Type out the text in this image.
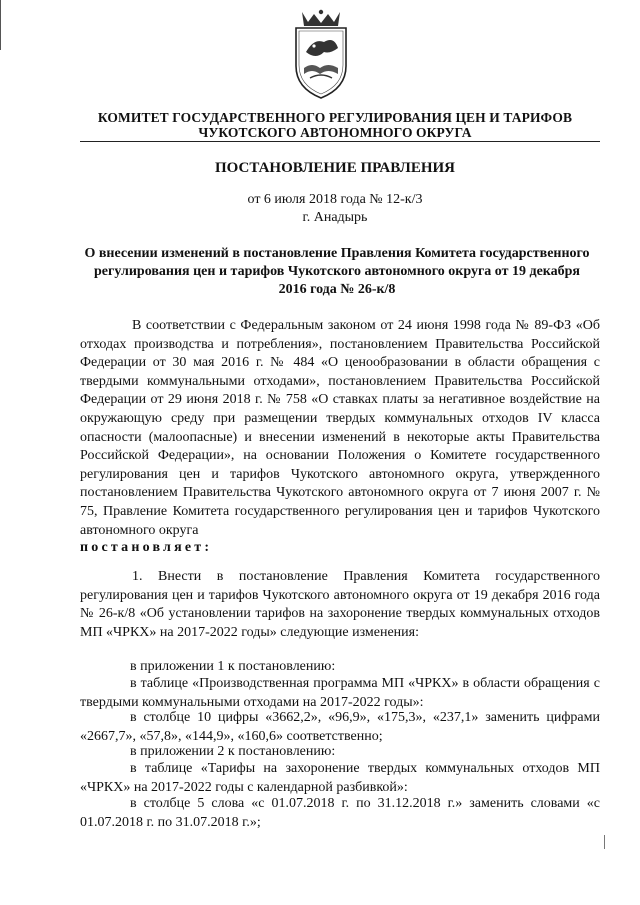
КОМИТЕТ ГОСУДАРСТВЕННОГО РЕГУЛИРОВАНИЯ ЦЕН И ТАРИФОВ
ЧУКОТСКОГО АВТОНОМНОГО ОКРУГА
ПОСТАНОВЛЕНИЕ ПРАВЛЕНИЯ
от 6 июля 2018 года № 12-к/3
г. Анадырь
О внесении изменений в постановление Правления Комитета государственного регулирования цен и тарифов Чукотского автономного округа от 19 декабря 2016 года № 26-к/8
В соответствии с Федеральным законом от 24 июня 1998 года № 89-ФЗ «Об отходах производства и потребления», постановлением Правительства Российской Федерации от 30 мая 2016 г. № 484 «О ценообразовании в области обращения с твердыми коммунальными отходами», постановлением Правительства Российской Федерации от 29 июня 2018 г. № 758 «О ставках платы за негативное воздействие на окружающую среду при размещении твердых коммунальных отходов IV класса опасности (малоопасные) и внесении изменений в некоторые акты Правительства Российской Федерации», на основании Положения о Комитете государственного регулирования цен и тарифов Чукотского автономного округа, утвержденного постановлением Правительства Чукотского автономного округа от 7 июня 2007 г. № 75, Правление Комитета государственного регулирования цен и тарифов Чукотского автономного округа
постановляет:
1. Внести в постановление Правления Комитета государственного регулирования цен и тарифов Чукотского автономного округа от 19 декабря 2016 года № 26-к/8 «Об установлении тарифов на захоронение твердых коммунальных отходов МП «ЧРКХ» на 2017-2022 годы» следующие изменения:
в приложении 1 к постановлению:
в таблице «Производственная программа МП «ЧРКХ» в области обращения с твердыми коммунальными отходами на 2017-2022 годы»:
в столбце 10 цифры «3662,2», «96,9», «175,3», «237,1» заменить цифрами «2667,7», «57,8», «144,9», «160,6» соответственно;
в приложении 2 к постановлению:
в таблице «Тарифы на захоронение твердых коммунальных отходов МП «ЧРКХ» на 2017-2022 годы с календарной разбивкой»:
в столбце 5 слова «с 01.07.2018 г. по 31.12.2018 г.» заменить словами «с 01.07.2018 г. по 31.07.2018 г.»;
